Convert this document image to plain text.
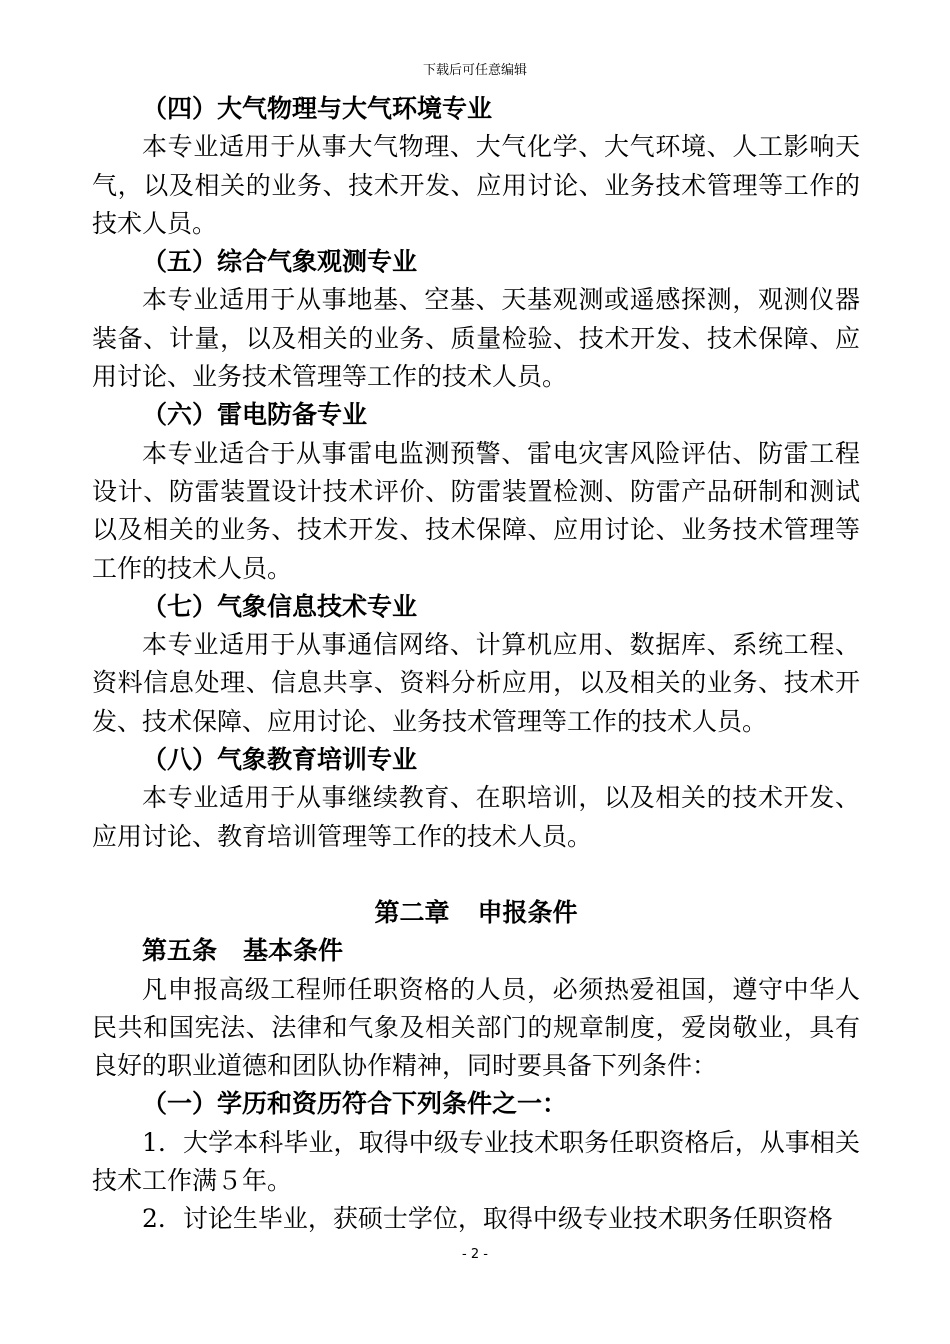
下载后可任意编辑

（四）大气物理与大气环境专业

本专业适用于从事大气物理、大气化学、大气环境、人工影响天气，以及相关的业务、技术开发、应用讨论、业务技术管理等工作的技术人员。

（五）综合气象观测专业

本专业适用于从事地基、空基、天基观测或遥感探测，观测仪器装备、计量，以及相关的业务、质量检验、技术开发、技术保障、应用讨论、业务技术管理等工作的技术人员。

（六）雷电防备专业

本专业适合于从事雷电监测预警、雷电灾害风险评估、防雷工程设计、防雷装置设计技术评价、防雷装置检测、防雷产品研制和测试以及相关的业务、技术开发、技术保障、应用讨论、业务技术管理等工作的技术人员。

（七）气象信息技术专业

本专业适用于从事通信网络、计算机应用、数据库、系统工程、资料信息处理、信息共享、资料分析应用，以及相关的业务、技术开发、技术保障、应用讨论、业务技术管理等工作的技术人员。

（八）气象教育培训专业

本专业适用于从事继续教育、在职培训，以及相关的技术开发、应用讨论、教育培训管理等工作的技术人员。

第二章 申报条件

第五条 基本条件

凡申报高级工程师任职资格的人员，必须热爱祖国，遵守中华人民共和国宪法、法律和气象及相关部门的规章制度，爱岗敬业，具有良好的职业道德和团队协作精神，同时要具备下列条件：

（一）学历和资历符合下列条件之一：

1．大学本科毕业，取得中级专业技术职务任职资格后，从事相关技术工作满５年。

2．讨论生毕业，获硕士学位，取得中级专业技术职务任职资格

- 2 -
